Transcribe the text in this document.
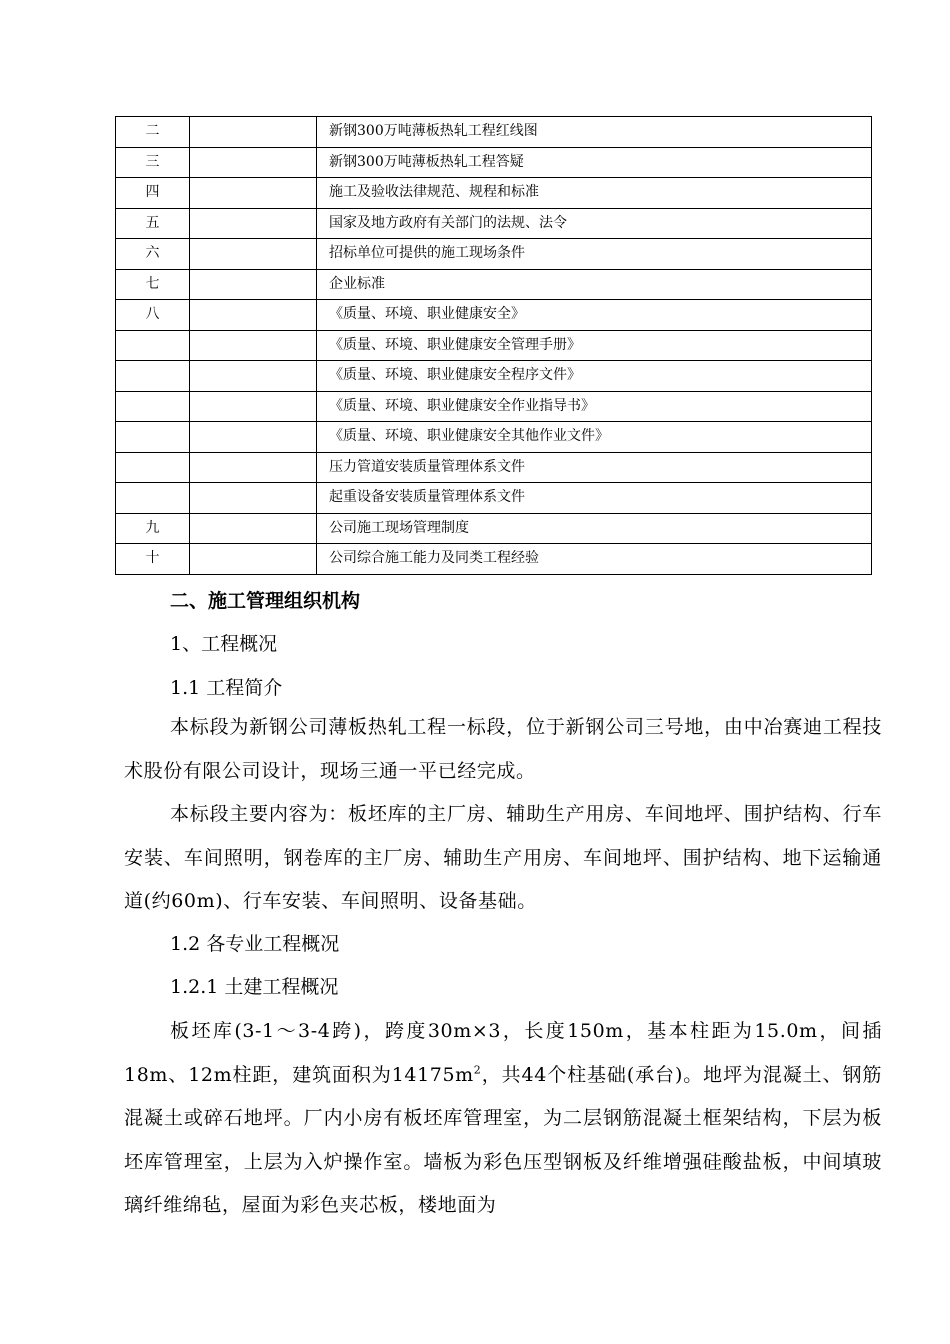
二		新钢300万吨薄板热轧工程红线图
三		新钢300万吨薄板热轧工程答疑
四		施工及验收法律规范、规程和标准
五		国家及地方政府有关部门的法规、法令
六		招标单位可提供的施工现场条件
七		企业标准
八		《质量、环境、职业健康安全》
		《质量、环境、职业健康安全管理手册》
		《质量、环境、职业健康安全程序文件》
		《质量、环境、职业健康安全作业指导书》
		《质量、环境、职业健康安全其他作业文件》
		压力管道安装质量管理体系文件
		起重设备安装质量管理体系文件
九		公司施工现场管理制度
十		公司综合施工能力及同类工程经验
二、施工管理组织机构
1、工程概况
1.1 工程简介
本标段为新钢公司薄板热轧工程一标段，位于新钢公司三号地，由中冶赛迪工程技术股份有限公司设计，现场三通一平已经完成。
本标段主要内容为：板坯库的主厂房、辅助生产用房、车间地坪、围护结构、行车安装、车间照明，钢卷库的主厂房、辅助生产用房、车间地坪、围护结构、地下运输通道(约60m)、行车安装、车间照明、设备基础。
1.2 各专业工程概况
1.2.1 土建工程概况
板坯库(3-1～3-4跨)，跨度30m×3，长度150m，基本柱距为15.0m，间插18m、12m柱距，建筑面积为$14175m^2$，共44个柱基础(承台)。地坪为混凝土、钢筋混凝土或碎石地坪。厂内小房有板坯库管理室，为二层钢筋混凝土框架结构，下层为板坯库管理室，上层为入炉操作室。墙板为彩色压型钢板及纤维增强硅酸盐板，中间填玻璃纤维绵毡，屋面为彩色夹芯板，楼地面为
